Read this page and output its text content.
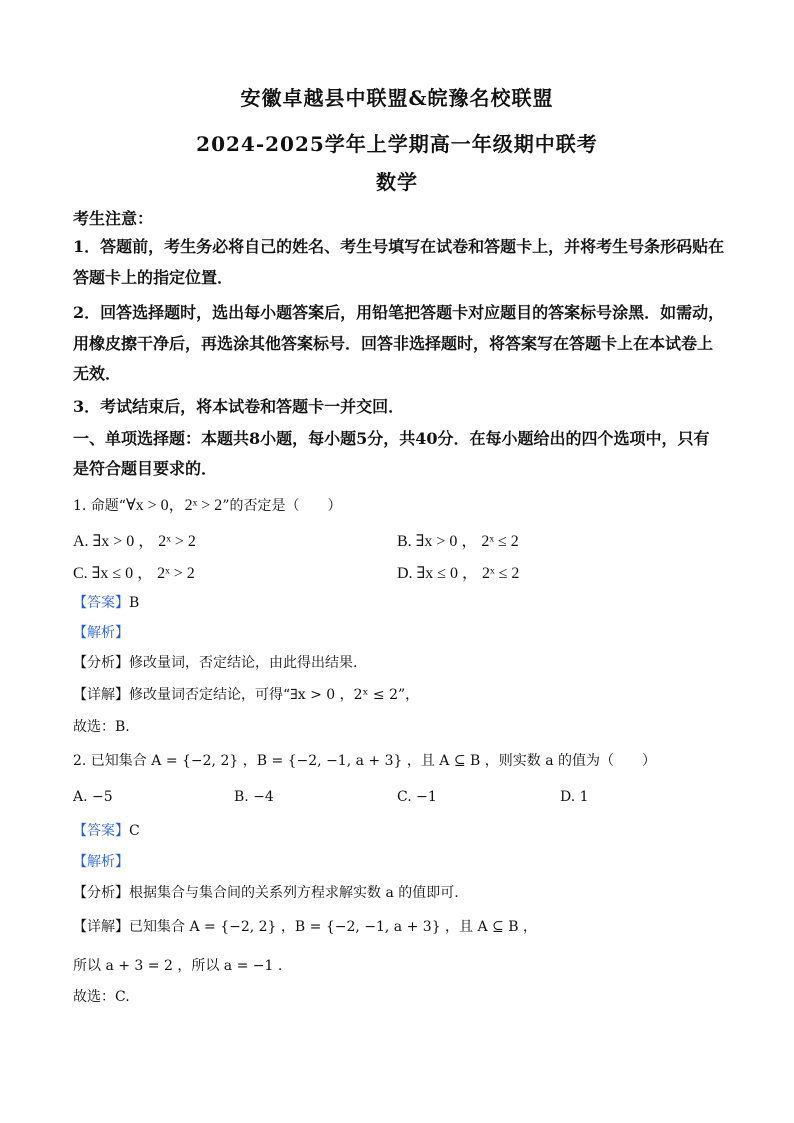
安徽卓越县中联盟&皖豫名校联盟
2024-2025学年上学期高一年级期中联考
数学
考生注意：
1．答题前，考生务必将自己的姓名、考生号填写在试卷和答题卡上，并将考生号条形码贴在
答题卡上的指定位置．
2．回答选择题时，选出每小题答案后，用铅笔把答题卡对应题目的答案标号涂黑．如需动，
用橡皮擦干净后，再选涂其他答案标号．回答非选择题时，将答案写在答题卡上在本试卷上
无效．
3．考试结束后，将本试卷和答题卡一并交回．
一、单项选择题：本题共8小题，每小题5分，共40分．在每小题给出的四个选项中，只有
是符合题目要求的．
1. 命题“∀x > 0，2ˣ > 2”的否定是（　　）
A. ∃x > 0 ， 2ˣ > 2	B. ∃x > 0 ， 2ˣ ≤ 2
C. ∃x ≤ 0 ， 2ˣ > 2	D. ∃x ≤ 0 ， 2ˣ ≤ 2
【答案】B
【解析】
【分析】修改量词，否定结论，由此得出结果.
【详解】修改量词否定结论，可得“∃x > 0 ，2ˣ ≤ 2”，
故选：B.
2. 已知集合 A = {−2, 2} ，B = {−2, −1, a + 3} ，且 A ⊆ B ，则实数 a 的值为（　　）
A. −5	B. −4	C. −1	D. 1
【答案】C
【解析】
【分析】根据集合与集合间的关系列方程求解实数 a 的值即可.
【详解】已知集合 A = {−2, 2} ，B = {−2, −1, a + 3} ，且 A ⊆ B ，
所以 a + 3 = 2 ，所以 a = −1 .
故选：C.
